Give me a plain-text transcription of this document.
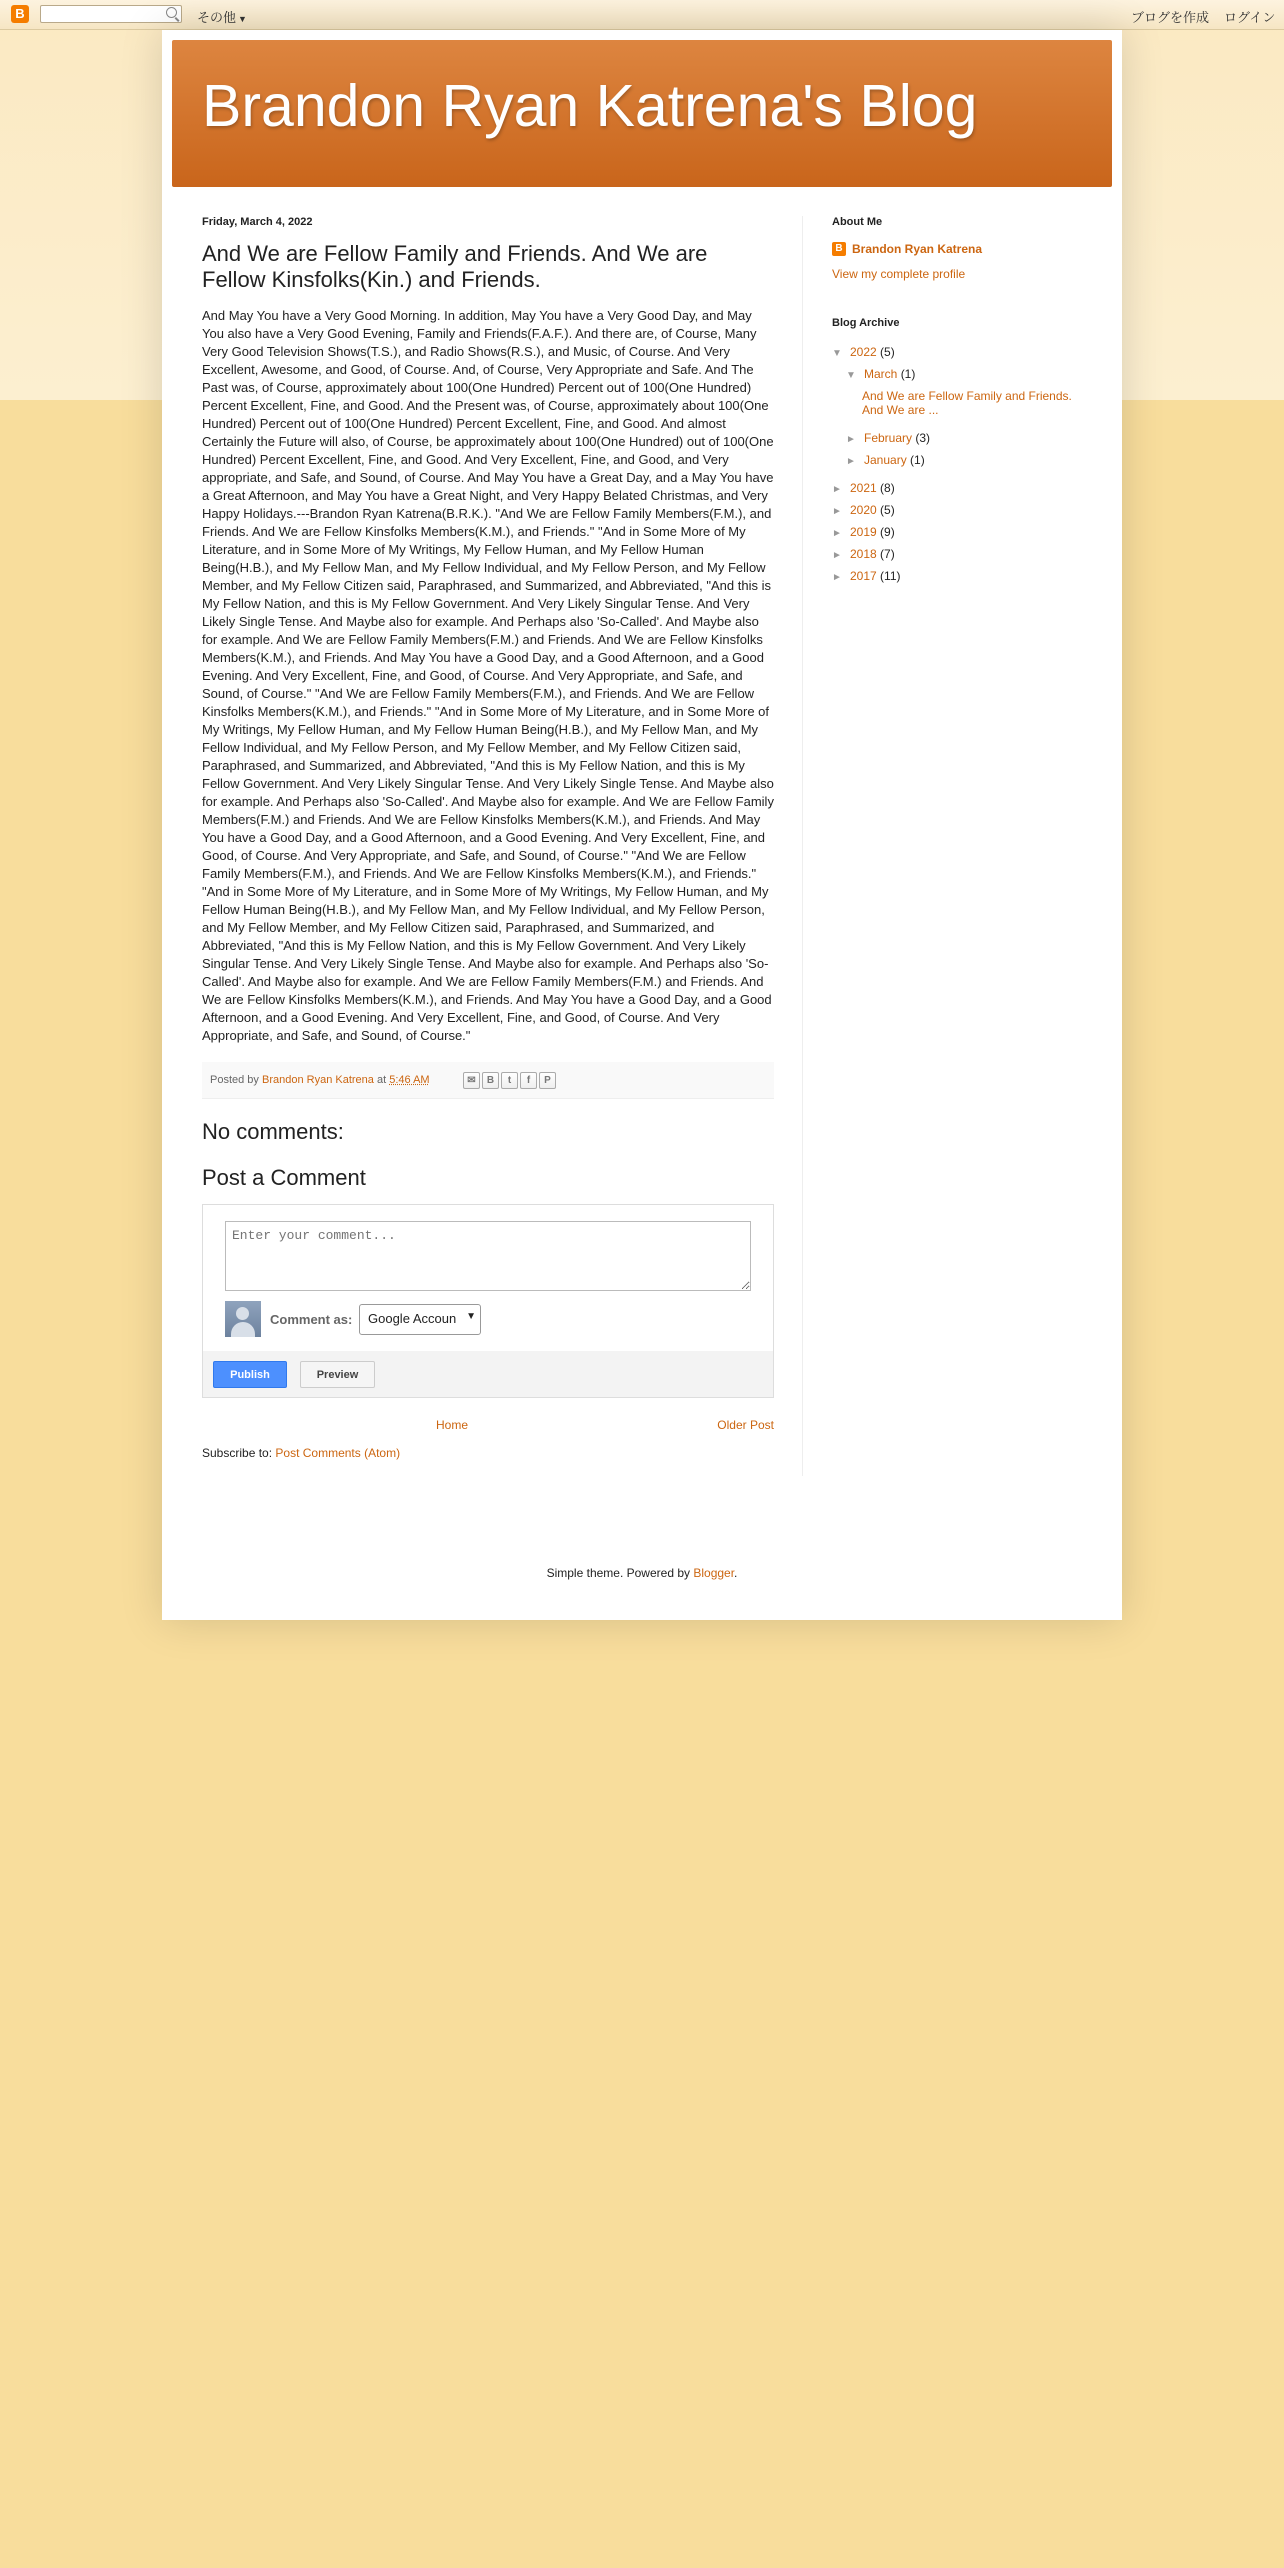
B	その他 ▼	ブログを作成 ログイン
Brandon Ryan Katrena's Blog
Friday, March 4, 2022
And We are Fellow Family and Friends. And We are Fellow Kinsfolks(Kin.) and Friends.
And May You have a Very Good Morning. In addition, May You have a Very Good Day, and May You also have a Very Good Evening, Family and Friends(F.A.F.). And there are, of Course, Many Very Good Television Shows(T.S.), and Radio Shows(R.S.), and Music, of Course. And Very Excellent, Awesome, and Good, of Course. And, of Course, Very Appropriate and Safe. And The Past was, of Course, approximately about 100(One Hundred) Percent out of 100(One Hundred) Percent Excellent, Fine, and Good. And the Present was, of Course, approximately about 100(One Hundred) Percent out of 100(One Hundred) Percent Excellent, Fine, and Good. And almost Certainly the Future will also, of Course, be approximately about 100(One Hundred) out of 100(One Hundred) Percent Excellent, Fine, and Good. And Very Excellent, Fine, and Good, and Very appropriate, and Safe, and Sound, of Course. And May You have a Great Day, and a May You have a Great Afternoon, and May You have a Great Night, and Very Happy Belated Christmas, and Very Happy Holidays.---Brandon Ryan Katrena(B.R.K.). "And We are Fellow Family Members(F.M.), and Friends. And We are Fellow Kinsfolks Members(K.M.), and Friends." "And in Some More of My Literature, and in Some More of My Writings, My Fellow Human, and My Fellow Human Being(H.B.), and My Fellow Man, and My Fellow Individual, and My Fellow Person, and My Fellow Member, and My Fellow Citizen said, Paraphrased, and Summarized, and Abbreviated, "And this is My Fellow Nation, and this is My Fellow Government. And Very Likely Singular Tense. And Very Likely Single Tense. And Maybe also for example. And Perhaps also 'So-Called'. And Maybe also for example. And We are Fellow Family Members(F.M.) and Friends. And We are Fellow Kinsfolks Members(K.M.), and Friends. And May You have a Good Day, and a Good Afternoon, and a Good Evening. And Very Excellent, Fine, and Good, of Course. And Very Appropriate, and Safe, and Sound, of Course." "And We are Fellow Family Members(F.M.), and Friends. And We are Fellow Kinsfolks Members(K.M.), and Friends." "And in Some More of My Literature, and in Some More of My Writings, My Fellow Human, and My Fellow Human Being(H.B.), and My Fellow Man, and My Fellow Individual, and My Fellow Person, and My Fellow Member, and My Fellow Citizen said, Paraphrased, and Summarized, and Abbreviated, "And this is My Fellow Nation, and this is My Fellow Government. And Very Likely Singular Tense. And Very Likely Single Tense. And Maybe also for example. And Perhaps also 'So-Called'. And Maybe also for example. And We are Fellow Family Members(F.M.) and Friends. And We are Fellow Kinsfolks Members(K.M.), and Friends. And May You have a Good Day, and a Good Afternoon, and a Good Evening. And Very Excellent, Fine, and Good, of Course. And Very Appropriate, and Safe, and Sound, of Course." "And We are Fellow Family Members(F.M.), and Friends. And We are Fellow Kinsfolks Members(K.M.), and Friends." "And in Some More of My Literature, and in Some More of My Writings, My Fellow Human, and My Fellow Human Being(H.B.), and My Fellow Man, and My Fellow Individual, and My Fellow Person, and My Fellow Member, and My Fellow Citizen said, Paraphrased, and Summarized, and Abbreviated, "And this is My Fellow Nation, and this is My Fellow Government. And Very Likely Singular Tense. And Very Likely Single Tense. And Maybe also for example. And Perhaps also 'So-Called'. And Maybe also for example. And We are Fellow Family Members(F.M.) and Friends. And We are Fellow Kinsfolks Members(K.M.), and Friends. And May You have a Good Day, and a Good Afternoon, and a Good Evening. And Very Excellent, Fine, and Good, of Course. And Very Appropriate, and Safe, and Sound, of Course."
Posted by Brandon Ryan Katrena at 5:46 AM	✉	B	t	f	P
No comments:
Post a Comment
Enter your comment...
Comment as:	Google Accoun ▼
Publish	Preview
Home	Older Post
Subscribe to: Post Comments (Atom)
About Me
B Brandon Ryan Katrena
View my complete profile
Blog Archive
▼ 2022 (5)
▼ March (1)
And We are Fellow Family and Friends. And We are ...
► February (3)
► January (1)
► 2021 (8)
► 2020 (5)
► 2019 (9)
► 2018 (7)
► 2017 (11)
Simple theme. Powered by Blogger.
